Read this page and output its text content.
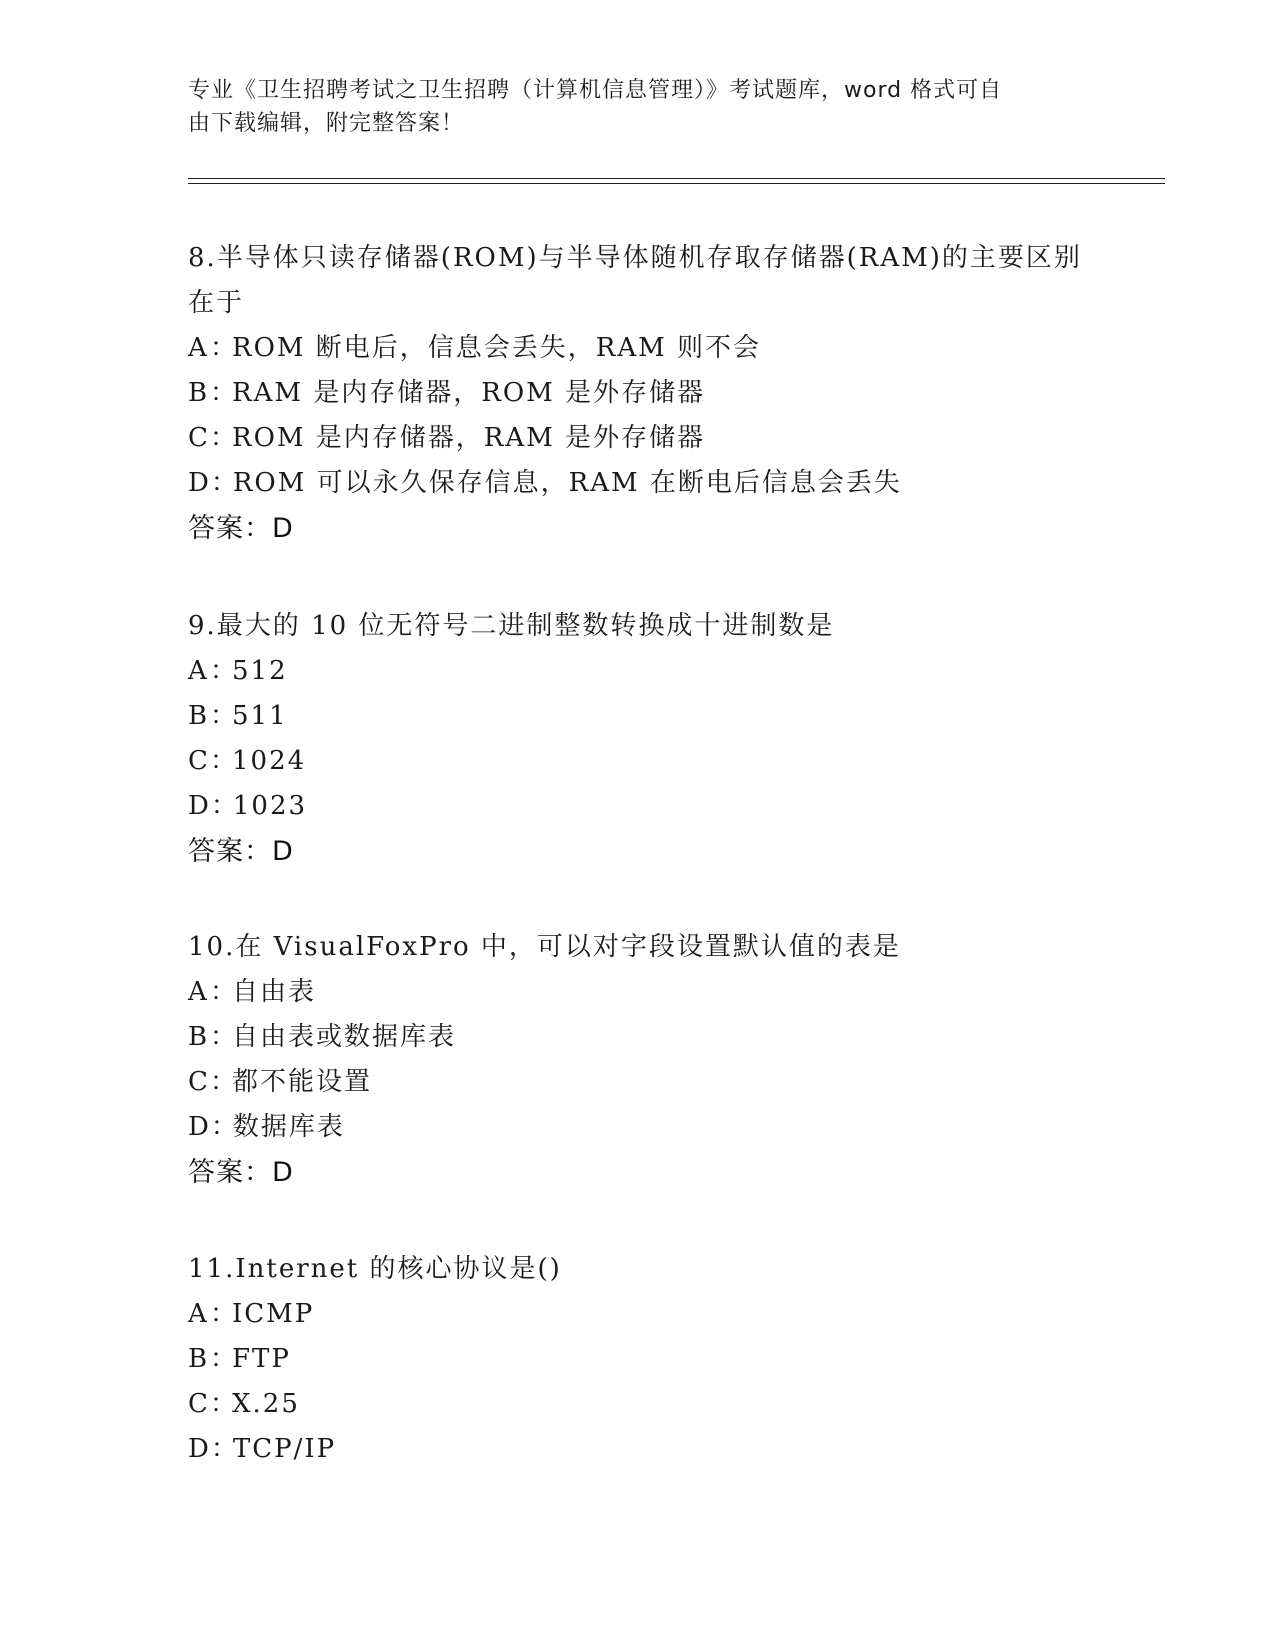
专业《卫生招聘考试之卫生招聘（计算机信息管理）》考试题库，word 格式可自
由下载编辑，附完整答案！
8.半导体只读存储器(ROM)与半导体随机存取存储器(RAM)的主要区别
在于
A：ROM 断电后，信息会丢失，RAM 则不会
B：RAM 是内存储器，ROM 是外存储器
C：ROM 是内存储器，RAM 是外存储器
D：ROM 可以永久保存信息，RAM 在断电后信息会丢失
答案：D
9.最大的 10 位无符号二进制整数转换成十进制数是
A：512
B：511
C：1024
D：1023
答案：D
10.在 VisualFoxPro 中，可以对字段设置默认值的表是
A：自由表
B：自由表或数据库表
C：都不能设置
D：数据库表
答案：D
11.Internet 的核心协议是()
A：ICMP
B：FTP
C：X.25
D：TCP/IP
